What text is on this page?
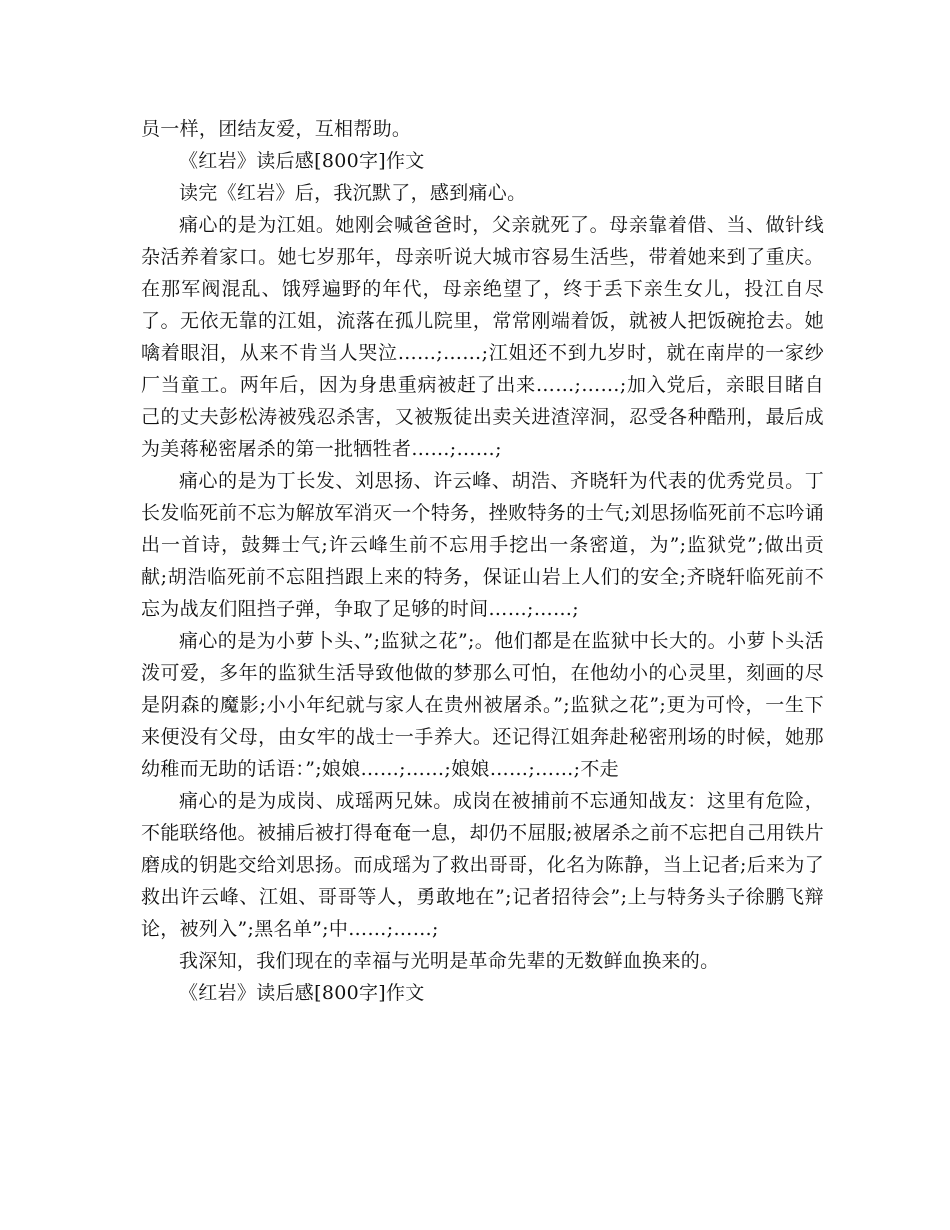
员一样，团结友爱，互相帮助。

《红岩》读后感[800字]作文

读完《红岩》后，我沉默了，感到痛心。

痛心的是为江姐。她刚会喊爸爸时，父亲就死了。母亲靠着借、当、做针线杂活养着家口。她七岁那年，母亲听说大城市容易生活些，带着她来到了重庆。在那军阀混乱、饿殍遍野的年代，母亲绝望了，终于丢下亲生女儿，投江自尽了。无依无靠的江姐，流落在孤儿院里，常常刚端着饭，就被人把饭碗抢去。她噙着眼泪，从来不肯当人哭泣……;……;江姐还不到九岁时，就在南岸的一家纱厂当童工。两年后，因为身患重病被赶了出来……;……;加入党后，亲眼目睹自己的丈夫彭松涛被残忍杀害，又被叛徒出卖关进渣滓洞，忍受各种酷刑，最后成为美蒋秘密屠杀的第一批牺牲者……;……;

痛心的是为丁长发、刘思扬、许云峰、胡浩、齐晓轩为代表的优秀党员。丁长发临死前不忘为解放军消灭一个特务，挫败特务的士气;刘思扬临死前不忘吟诵出一首诗，鼓舞士气;许云峰生前不忘用手挖出一条密道，为”;监狱党”;做出贡献;胡浩临死前不忘阻挡跟上来的特务，保证山岩上人们的安全;齐晓轩临死前不忘为战友们阻挡子弹，争取了足够的时间……;……;

痛心的是为小萝卜头、”;监狱之花”;。他们都是在监狱中长大的。小萝卜头活泼可爱，多年的监狱生活导致他做的梦那么可怕，在他幼小的心灵里，刻画的尽是阴森的魔影;小小年纪就与家人在贵州被屠杀。”;监狱之花”;更为可怜，一生下来便没有父母，由女牢的战士一手养大。还记得江姐奔赴秘密刑场的时候，她那幼稚而无助的话语：”;娘娘……;……;娘娘……;……;不走

痛心的是为成岗、成瑶两兄妹。成岗在被捕前不忘通知战友：这里有危险，不能联络他。被捕后被打得奄奄一息，却仍不屈服;被屠杀之前不忘把自己用铁片磨成的钥匙交给刘思扬。而成瑶为了救出哥哥，化名为陈静，当上记者;后来为了救出许云峰、江姐、哥哥等人，勇敢地在”;记者招待会”;上与特务头子徐鹏飞辩论，被列入”;黑名单”;中……;……;

我深知，我们现在的幸福与光明是革命先辈的无数鲜血换来的。

《红岩》读后感[800字]作文
